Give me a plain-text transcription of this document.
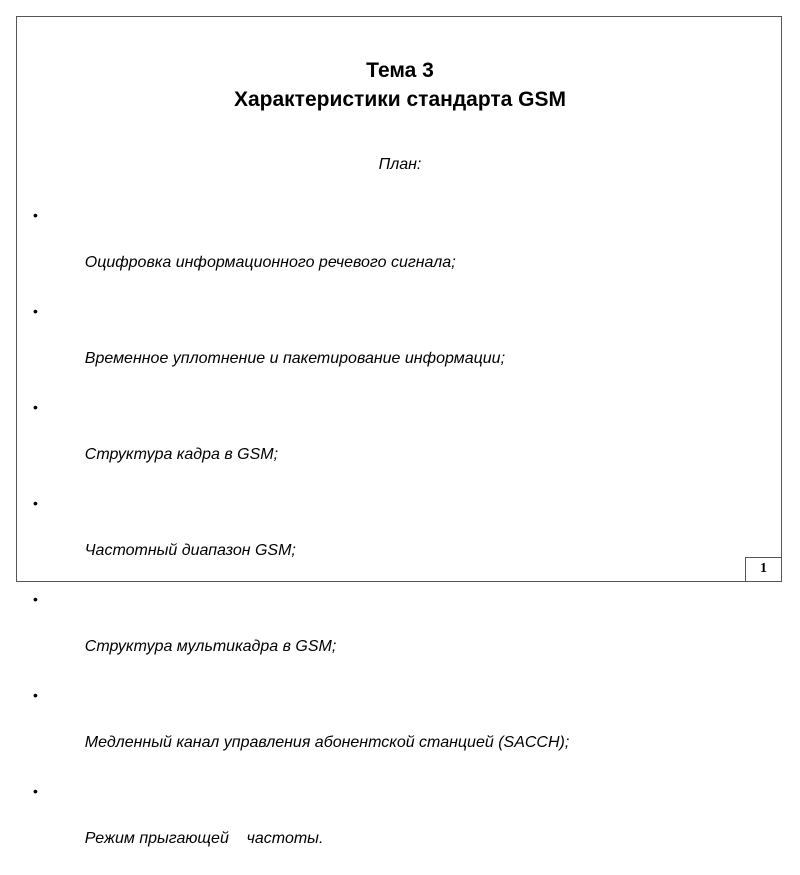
Тема 3
Характеристики стандарта GSM
План:

•

Оцифровка информационного речевого сигнала;

•

Временное уплотнение и пакетирование информации;

•

Структура кадра в GSM;

•

Частотный диапазон GSM;

•

Структура мультикадра в GSM;

•

Медленный канал управления абонентской станцией (SACCH);

•

Режим прыгающей    частоты.

1
